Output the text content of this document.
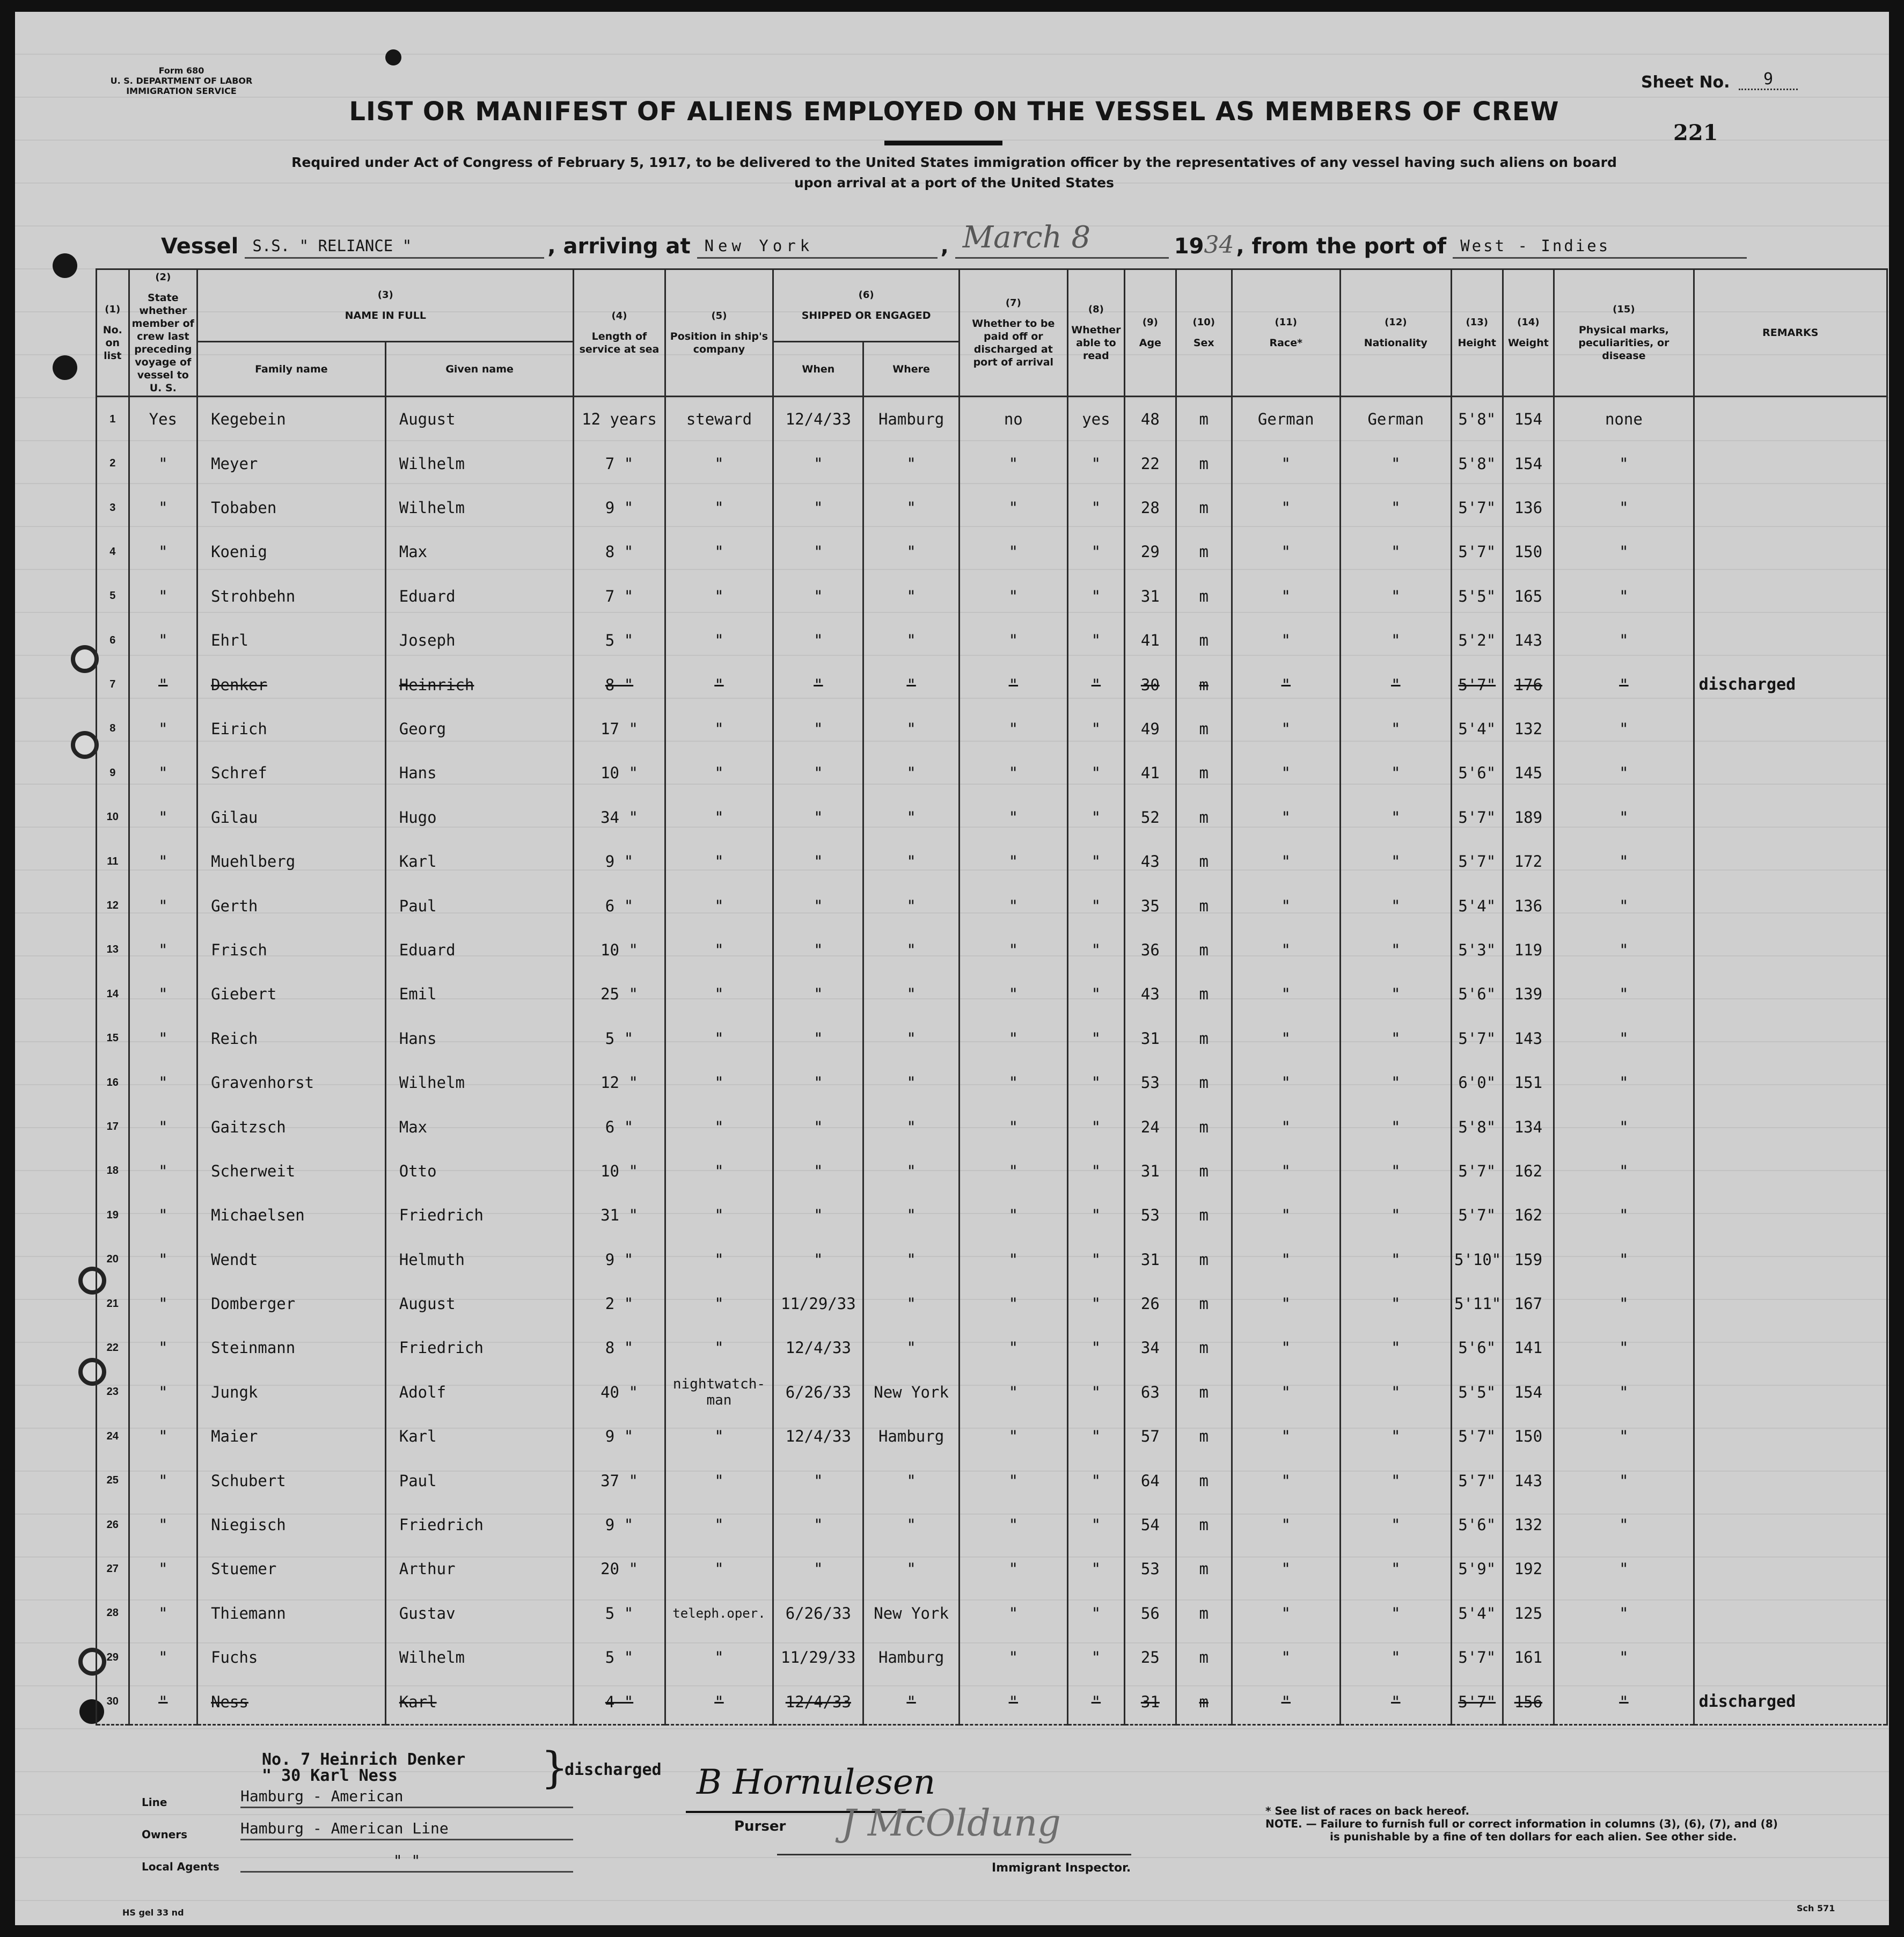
Form 680
U. S. DEPARTMENT OF LABOR
IMMIGRATION SERVICE
LIST OR MANIFEST OF ALIENS EMPLOYED ON THE VESSEL AS MEMBERS OF CREW
Required under Act of Congress of February 5, 1917, to be delivered to the United States immigration officer by the representatives of any vessel having such aliens on board
upon arrival at a port of the United States
Sheet No.	9
221
Vessel S.S. " RELIANCE "	, arriving at New York	, March 8	19 34 , from the port of West - Indies
(1)
No. on list	(2)
State whether member of crew last preceding voyage of vessel to U. S.	(3)
NAME IN FULL		(4)
Length of service at sea	(5)
Position in ship's company	(6)
SHIPPED OR ENGAGED		(7)
Whether to be paid off or discharged at port of arrival	(8)
Whether able to read	(9)
Age	(10)
Sex	(11)
Race*	(12)
Nationality	(13)
Height	(14)
Weight	(15)
Physical marks, peculiarities, or disease	REMARKS
		Family name	Given name			When	Where										
1	Yes	Kegebein	August	12 years	steward	12/4/33	Hamburg	no	yes	48	m	German	German	5'8"	154	none	
2	"	Meyer	Wilhelm	7 "	"	"	"	"	"	22	m	"	"	5'8"	154	"	
3	"	Tobaben	Wilhelm	9 "	"	"	"	"	"	28	m	"	"	5'7"	136	"	
4	"	Koenig	Max	8 "	"	"	"	"	"	29	m	"	"	5'7"	150	"	
5	"	Strohbehn	Eduard	7 "	"	"	"	"	"	31	m	"	"	5'5"	165	"	
6	"	Ehrl	Joseph	5 "	"	"	"	"	"	41	m	"	"	5'2"	143	"	
7	"	Denker	Heinrich	8 "	"	"	"	"	"	30	m	"	"	5'7"	176	"	discharged
8	"	Eirich	Georg	17 "	"	"	"	"	"	49	m	"	"	5'4"	132	"	
9	"	Schref	Hans	10 "	"	"	"	"	"	41	m	"	"	5'6"	145	"	
10	"	Gilau	Hugo	34 "	"	"	"	"	"	52	m	"	"	5'7"	189	"	
11	"	Muehlberg	Karl	9 "	"	"	"	"	"	43	m	"	"	5'7"	172	"	
12	"	Gerth	Paul	6 "	"	"	"	"	"	35	m	"	"	5'4"	136	"	
13	"	Frisch	Eduard	10 "	"	"	"	"	"	36	m	"	"	5'3"	119	"	
14	"	Giebert	Emil	25 "	"	"	"	"	"	43	m	"	"	5'6"	139	"	
15	"	Reich	Hans	5 "	"	"	"	"	"	31	m	"	"	5'7"	143	"	
16	"	Gravenhorst	Wilhelm	12 "	"	"	"	"	"	53	m	"	"	6'0"	151	"	
17	"	Gaitzsch	Max	6 "	"	"	"	"	"	24	m	"	"	5'8"	134	"	
18	"	Scherweit	Otto	10 "	"	"	"	"	"	31	m	"	"	5'7"	162	"	
19	"	Michaelsen	Friedrich	31 "	"	"	"	"	"	53	m	"	"	5'7"	162	"	
20	"	Wendt	Helmuth	9 "	"	"	"	"	"	31	m	"	"	5'10"	159	"	
21	"	Domberger	August	2 "	"	11/29/33	"	"	"	26	m	"	"	5'11"	167	"	
22	"	Steinmann	Friedrich	8 "	"	12/4/33	"	"	"	34	m	"	"	5'6"	141	"	
23	"	Jungk	Adolf	40 "	nightwatch-man	6/26/33	New York	"	"	63	m	"	"	5'5"	154	"	
24	"	Maier	Karl	9 "	"	12/4/33	Hamburg	"	"	57	m	"	"	5'7"	150	"	
25	"	Schubert	Paul	37 "	"	"	"	"	"	64	m	"	"	5'7"	143	"	
26	"	Niegisch	Friedrich	9 "	"	"	"	"	"	54	m	"	"	5'6"	132	"	
27	"	Stuemer	Arthur	20 "	"	"	"	"	"	53	m	"	"	5'9"	192	"	
28	"	Thiemann	Gustav	5 "	teleph.oper.	6/26/33	New York	"	"	56	m	"	"	5'4"	125	"	
29	"	Fuchs	Wilhelm	5 "	"	11/29/33	Hamburg	"	"	25	m	"	"	5'7"	161	"	
30	"	Ness	Karl	4 "	"	12/4/33	"	"	"	31	m	"	"	5'7"	156	"	discharged
No. 7 Heinrich Denker
" 30 Karl Ness	}
discharged
Line	Hamburg - American
Owners	Hamburg - American Line
Local Agents	" "
B Hornulesen
Purser J McOldung
Immigrant Inspector.

* See list of races on back hereof.

NOTE. — Failure to furnish full or correct information in columns (3), (6), (7), and (8)

is punishable by a fine of ten dollars for each alien. See other side.

HS gel 33 nd	Sch 571
